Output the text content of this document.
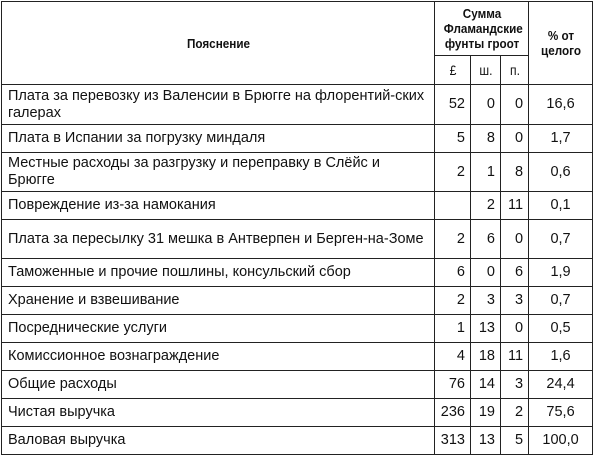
Пояснение	Сумма Фламандские фунты гроот			% от целого
	£	ш.	п.	
Плата за перевозку из Валенсии в Брюгге на флорентий-ских галерах	52	0	0	16,6
Плата в Испании за погрузку миндаля	5	8	0	1,7
Местные расходы за разгрузку и переправку в Слёйс и Брюгге	2	1	8	0,6
Повреждение из-за намокания		2	11	0,1
Плата за пересылку 31 мешка в Антверпен и Берген-на-Зоме	2	6	0	0,7
Таможенные и прочие пошлины, консульский сбор	6	0	6	1,9
Хранение и взвешивание	2	3	3	0,7
Посреднические услуги	1	13	0	0,5
Комиссионное вознаграждение	4	18	11	1,6
Общие расходы	76	14	3	24,4
Чистая выручка	236	19	2	75,6
Валовая выручка	313	13	5	100,0
